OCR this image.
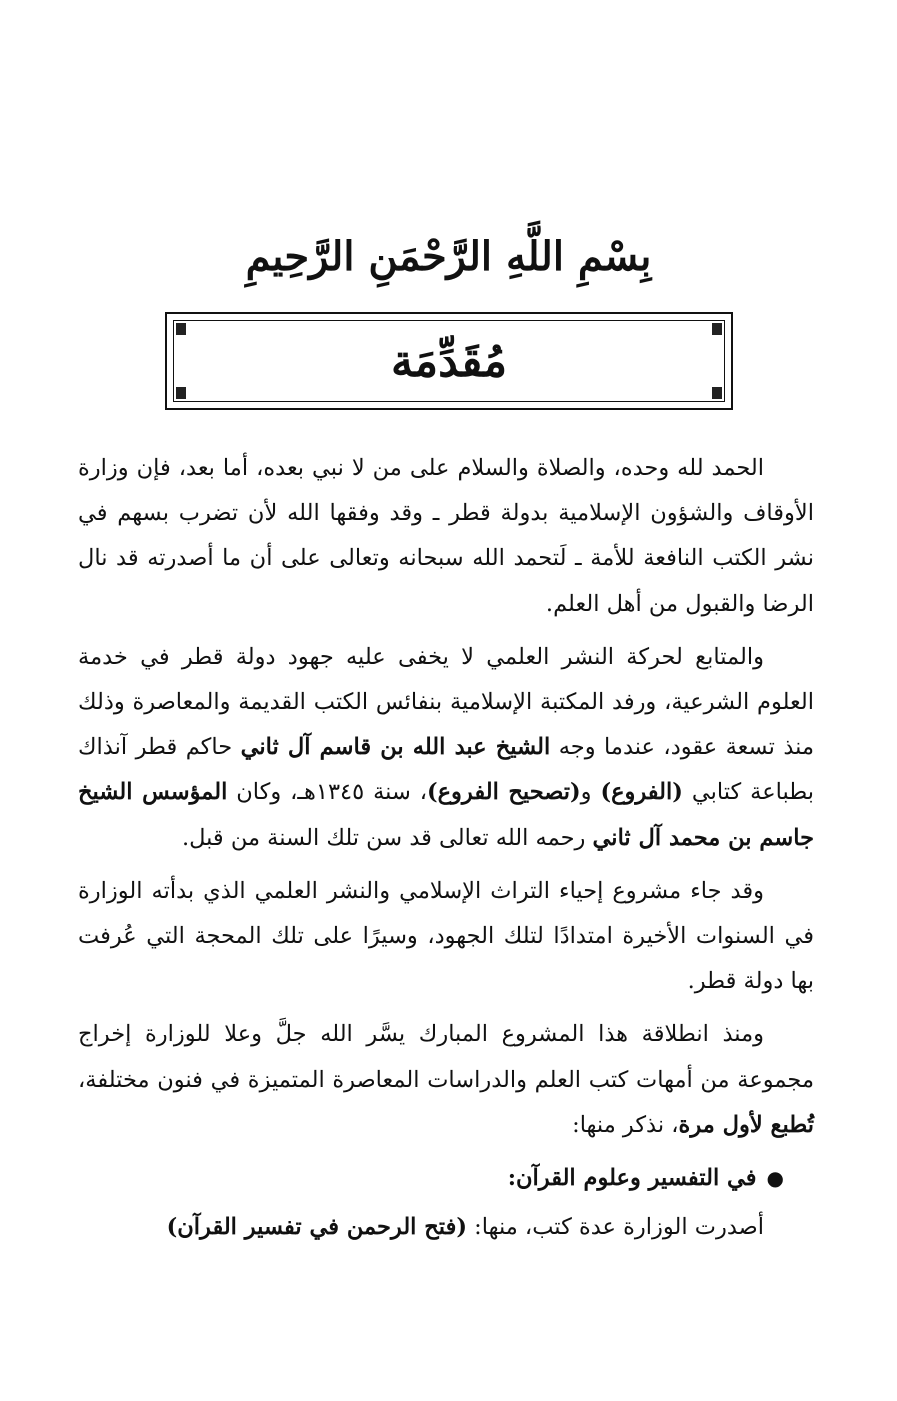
بِسْمِ اللَّهِ الرَّحْمَنِ الرَّحِيمِ
مُقَدِّمَة

الحمد لله وحده، والصلاة والسلام على من لا نبي بعده، أما بعد، فإن وزارة الأوقاف والشؤون الإسلامية بدولة قطر ـ وقد وفقها الله لأن تضرب بسهم في نشر الكتب النافعة للأمة ـ لَتحمد الله سبحانه وتعالى على أن ما أصدرته قد نال الرضا والقبول من أهل العلم.

والمتابع لحركة النشر العلمي لا يخفى عليه جهود دولة قطر في خدمة العلوم الشرعية، ورفد المكتبة الإسلامية بنفائس الكتب القديمة والمعاصرة وذلك منذ تسعة عقود، عندما وجه الشيخ عبد الله بن قاسم آل ثاني حاكم قطر آنذاك بطباعة كتابي (الفروع) و(تصحيح الفروع)، سنة ١٣٤٥هـ، وكان المؤسس الشيخ جاسم بن محمد آل ثاني رحمه الله تعالى قد سن تلك السنة من قبل.

وقد جاء مشروع إحياء التراث الإسلامي والنشر العلمي الذي بدأته الوزارة في السنوات الأخيرة امتدادًا لتلك الجهود، وسيرًا على تلك المحجة التي عُرفت بها دولة قطر.

ومنذ انطلاقة هذا المشروع المبارك يسَّر الله جلَّ وعلا للوزارة إخراج مجموعة من أمهات كتب العلم والدراسات المعاصرة المتميزة في فنون مختلفة، تُطبع لأول مرة، نذكر منها:

●في التفسير وعلوم القرآن:

أصدرت الوزارة عدة كتب، منها: (فتح الرحمن في تفسير القرآن)
